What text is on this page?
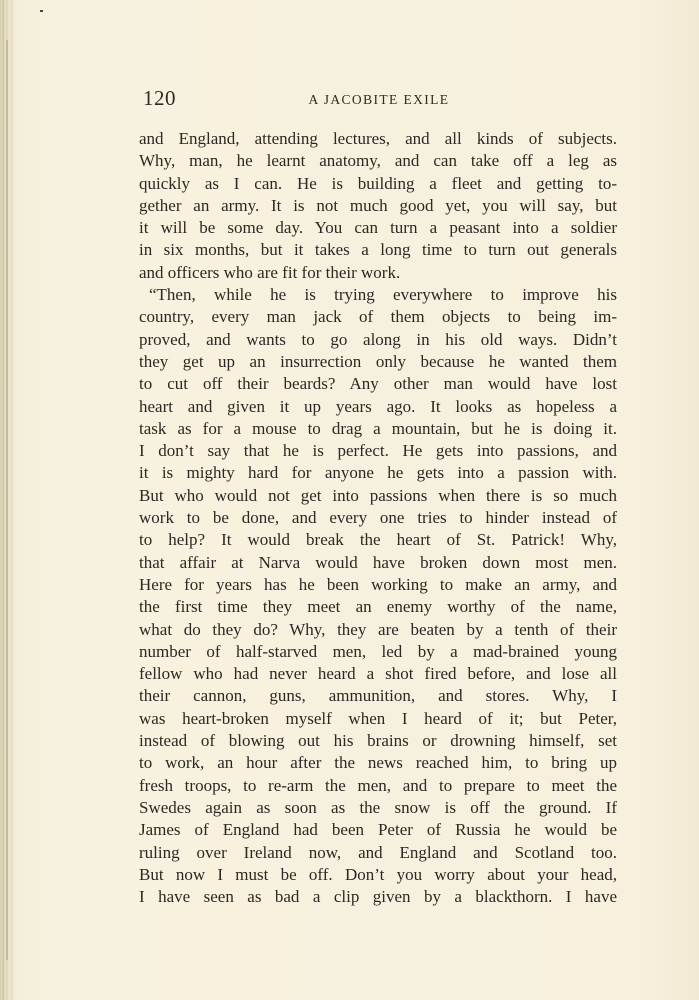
120	A JACOBITE EXILE
and England, attending lectures, and all kinds of subjects.
Why, man, he learnt anatomy, and can take off a leg as
quickly as I can. He is building a fleet and getting to-
gether an army. It is not much good yet, you will say, but
it will be some day. You can turn a peasant into a soldier
in six months, but it takes a long time to turn out generals
and officers who are fit for their work.
“Then, while he is trying everywhere to improve his
country, every man jack of them objects to being im-
proved, and wants to go along in his old ways. Didn’t
they get up an insurrection only because he wanted them
to cut off their beards? Any other man would have lost
heart and given it up years ago. It looks as hopeless a
task as for a mouse to drag a mountain, but he is doing it.
I don’t say that he is perfect. He gets into passions, and
it is mighty hard for anyone he gets into a passion with.
But who would not get into passions when there is so much
work to be done, and every one tries to hinder instead of
to help? It would break the heart of St. Patrick! Why,
that affair at Narva would have broken down most men.
Here for years has he been working to make an army, and
the first time they meet an enemy worthy of the name,
what do they do? Why, they are beaten by a tenth of their
number of half-starved men, led by a mad-brained young
fellow who had never heard a shot fired before, and lose all
their cannon, guns, ammunition, and stores. Why, I
was heart-broken myself when I heard of it; but Peter,
instead of blowing out his brains or drowning himself, set
to work, an hour after the news reached him, to bring up
fresh troops, to re-arm the men, and to prepare to meet the
Swedes again as soon as the snow is off the ground. If
James of England had been Peter of Russia he would be
ruling over Ireland now, and England and Scotland too.
But now I must be off. Don’t you worry about your head,
I have seen as bad a clip given by a blackthorn. I have
